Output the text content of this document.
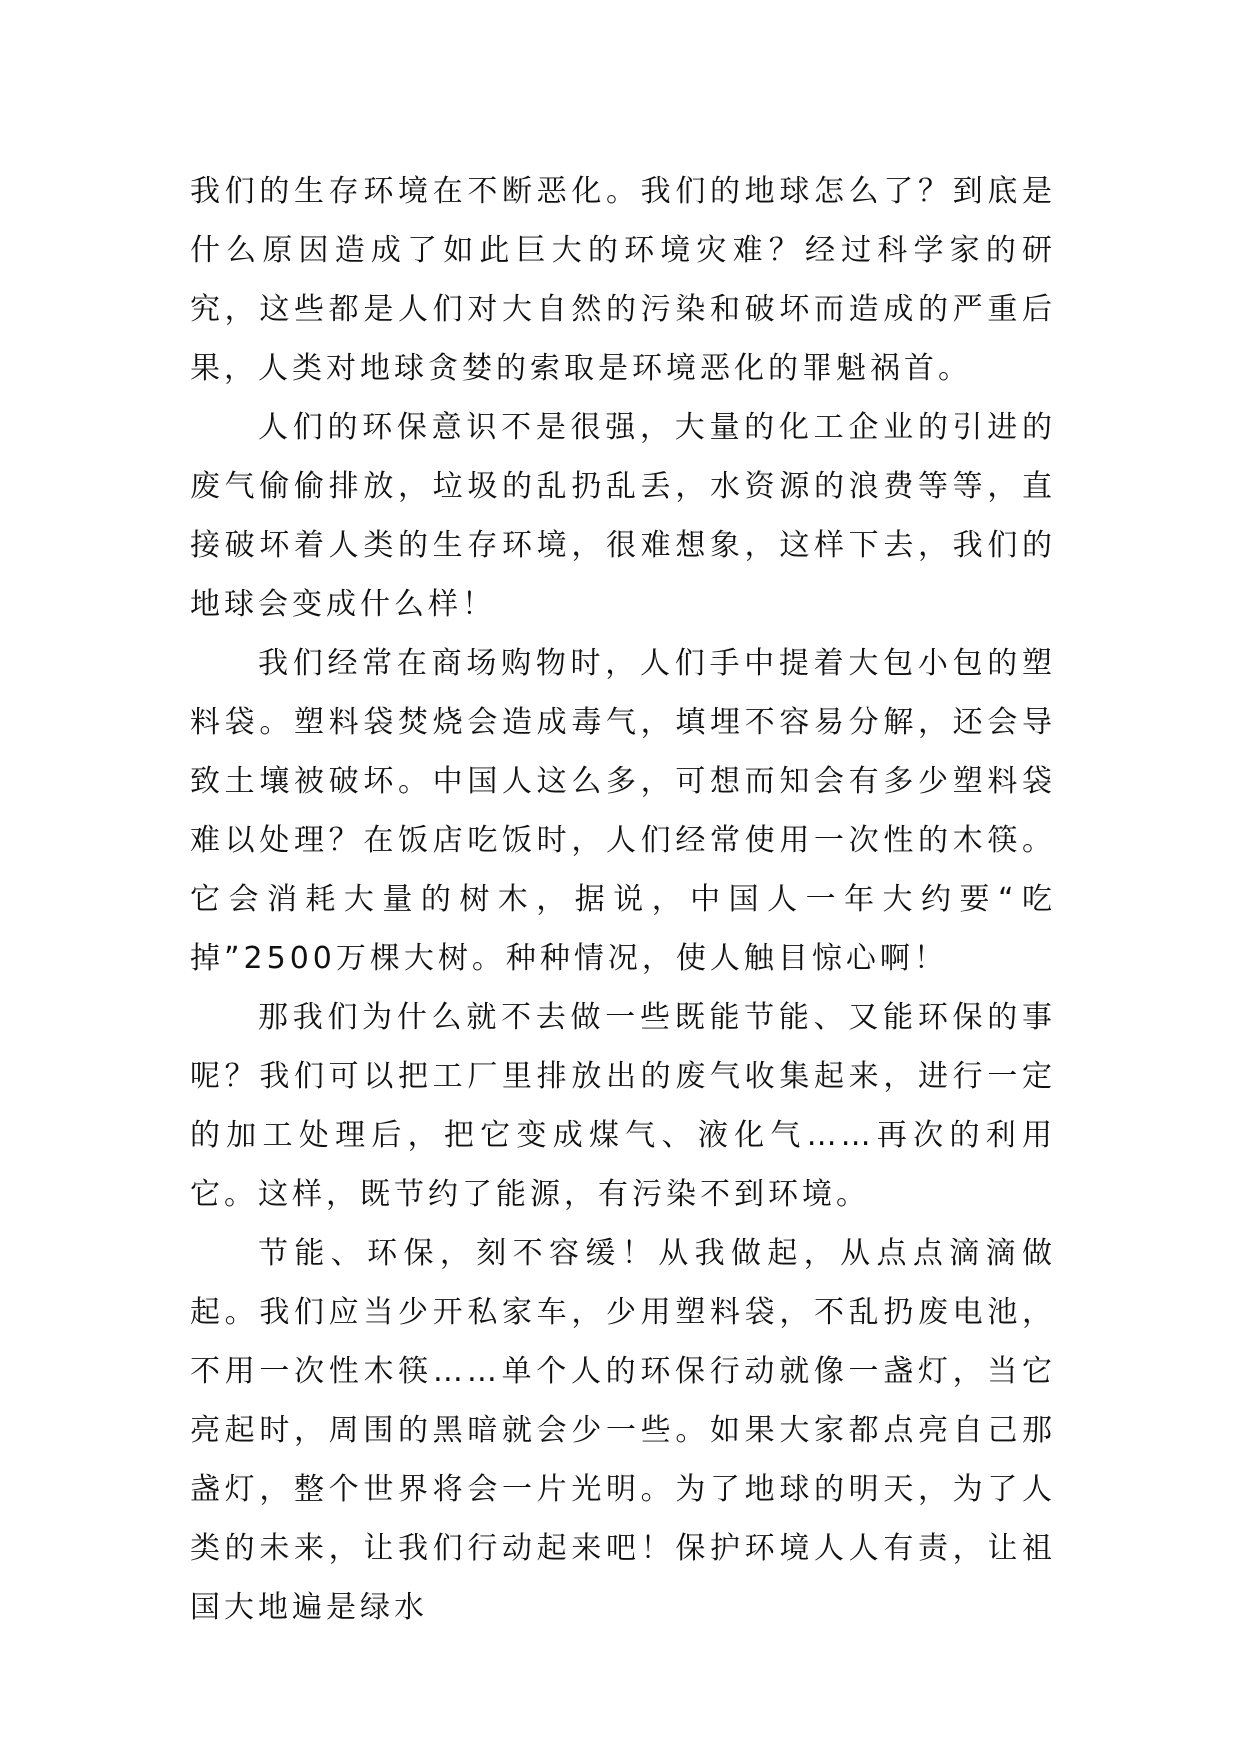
我们的生存环境在不断恶化。我们的地球怎么了？到底是什么原因造成了如此巨大的环境灾难？经过科学家的研究，这些都是人们对大自然的污染和破坏而造成的严重后果，人类对地球贪婪的索取是环境恶化的罪魁祸首。

人们的环保意识不是很强，大量的化工企业的引进的废气偷偷排放，垃圾的乱扔乱丢，水资源的浪费等等，直接破坏着人类的生存环境，很难想象，这样下去，我们的地球会变成什么样！

我们经常在商场购物时，人们手中提着大包小包的塑料袋。塑料袋焚烧会造成毒气，填埋不容易分解，还会导致土壤被破坏。中国人这么多，可想而知会有多少塑料袋难以处理？在饭店吃饭时，人们经常使用一次性的木筷。它会消耗大量的树木，据说，中国人一年大约要“吃掉”2500万棵大树。种种情况，使人触目惊心啊！

那我们为什么就不去做一些既能节能、又能环保的事呢？我们可以把工厂里排放出的废气收集起来，进行一定的加工处理后，把它变成煤气、液化气……再次的利用它。这样，既节约了能源，有污染不到环境。

节能、环保，刻不容缓！从我做起，从点点滴滴做起。我们应当少开私家车，少用塑料袋，不乱扔废电池，不用一次性木筷……单个人的环保行动就像一盏灯，当它亮起时，周围的黑暗就会少一些。如果大家都点亮自己那盏灯，整个世界将会一片光明。为了地球的明天，为了人类的未来，让我们行动起来吧！保护环境人人有责，让祖国大地遍是绿水
